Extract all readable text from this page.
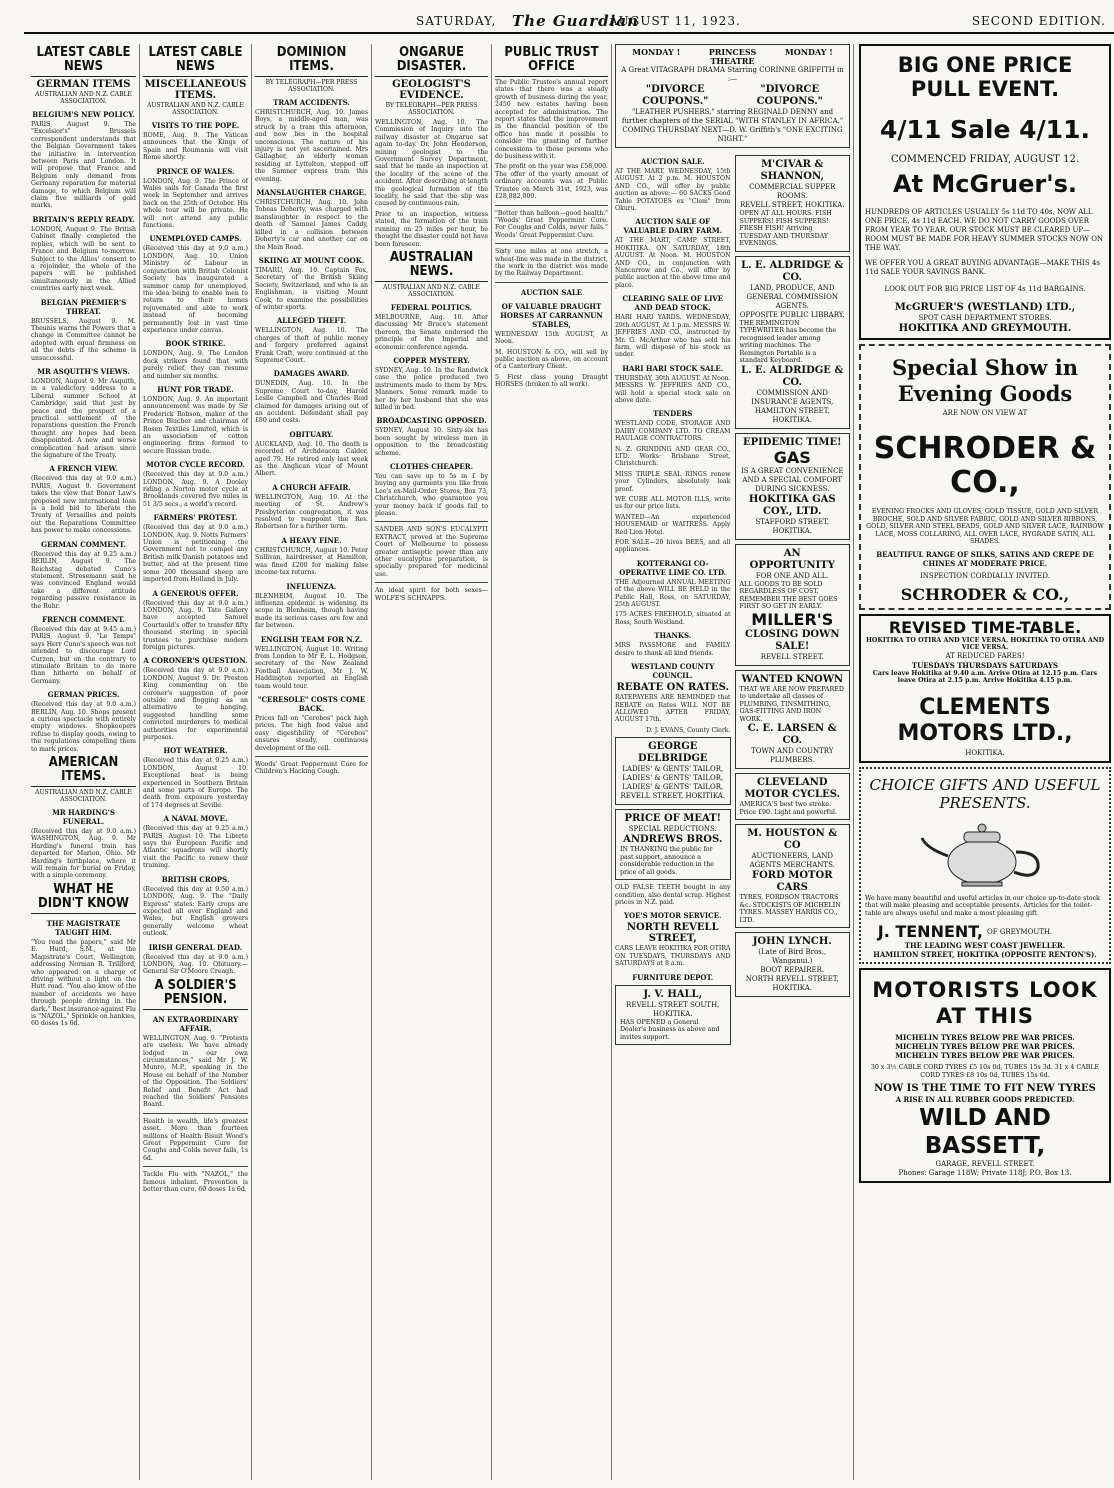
SATURDAY, The Guardian
AUGUST 11, 1923.	SECOND EDITION.
LATEST CABLE NEWS
GERMAN ITEMS
AUSTRALIAN AND N.Z. CABLE ASSOCIATION.
BELGIUM'S NEW POLICY.

PARIS, August 9. The "Excelsior's" Brussels correspondent understands that the Belgian Government takes the initiative in intervention between Paris and London. It will propose that France and Belgium only demand from Germany reparation for material damage, to which Belgium will claim five milliards of gold marks.

BRITAIN'S REPLY READY.

LONDON, August 9. The British Cabinet finally completed the replies, which will be sent to France and Belgium to-morrow. Subject to the Allies' consent to a rejoinder, the whole of the papers will be published simultaneously in the Allied countries early next week.

BELGIAN PREMIER'S THREAT.

BRUSSELS, August 9. M. Theunis warns the Powers that a change in Committee cannot be adopted with equal firmness on all the debts if the scheme is unsuccessful.

MR ASQUITH'S VIEWS.

LONDON, August 9. Mr Asquith, in a valedictory address to a Liberal summer School at Cambridge, said that just by peace and the prospect of a practical settlement of the reparations question the French thought any hopes had been disappointed. A new and worse complication had arisen since the signature of the Treaty.

A FRENCH VIEW.

(Received this day at 9.0 a.m.) PARIS, August 9. Government takes the view that Bonar Law's proposed new international loan is a bold bid to liberate the Treaty of Versailles and points out the Reparations Committee has power to make concessions.

GERMAN COMMENT.

(Received this day at 9.25 a.m.) BERLIN, August 9. The Reichstag debated Cuno's statement. Stresemann said he was convinced England would take a different attitude regarding passive resistance in the Ruhr.

FRENCH COMMENT.

(Received this day at 9.45 a.m.) PARIS, August 9. "Le Temps" says Herr Cuno's speech was not intended to discourage Lord Curzon, but on the contrary to stimulate Britain to do more than hitherto on behalf of Germany.

GERMAN PRICES.

(Received this day at 9.0 a.m.) BERLIN, Aug. 10. Shops present a curious spectacle with entirely empty windows. Shopkeepers refuse to display goods, owing to the regulations compelling them to mark prices.

AMERICAN ITEMS.
AUSTRALIAN AND N.Z. CABLE ASSOCIATION.
MR HARDING'S FUNERAL.

(Received this day at 9.0 a.m.) WASHINGTON, Aug. 9. Mr Harding's funeral train has departed for Marion, Ohio. Mr Harding's birthplace, where it will remain for burial on Friday, with a simple ceremony.

WHAT HE DIDN'T KNOW
THE MAGISTRATE TAUGHT HIM.

"You read the papers," said Mr E. Hurd, S.M., at the Magistrate's Court, Wellington, addressing Norman R. Trillford, who appeared on a charge of driving without a light on the Hutt road. "You also know of the number of accidents we have through people driving in the dark." Best insurance against Flu is "NAZOL." Sprinkle on hankies, 60 doses 1s 6d.

LATEST CABLE NEWS
MISCELLANEOUS ITEMS.
AUSTRALIAN AND N.Z. CABLE ASSOCIATION.
VISITS TO THE POPE.

ROME, Aug. 9. The Vatican announces that the Kings of Spain and Roumania will visit Rome shortly.

PRINCE OF WALES.

LONDON, Aug. 9. The Prince of Wales sails for Canada the first week in September and arrives back on the 25th of October. His whole tour will be private. He will not attend any public functions.

UNEMPLOYED CAMPS.

(Received this day at 9.0 a.m.) LONDON, Aug. 10. Union Ministry of Labour in conjunction with British Colonist Society has inaugurated a summer camp for unemployed, the idea being to enable men to return to their homes rejuvenated and able to work instead of becoming permanently lost in vast time experience under canvas.

BOOK STRIKE.

LONDON, Aug. 9. The London dock strikers found that with purely relief, they can resume and number six months.

HUNT FOR TRADE.

LONDON, Aug. 9. An important announcement was made by Sir Frederick Robson, maker of the Prince Blucher and chairman of Rosen Textiles Limited, which is an association of cotton engineering firms formed to secure Russian trade.

MOTOR CYCLE RECORD.

(Received this day at 9.0 a.m.) LONDON, Aug. 9. A Dooley riding a Norton motor cycle at Brooklands covered five miles in 51 3/5 secs., a world's record.

FARMERS' PROTEST.

(Received this day at 9.0 a.m.) LONDON, Aug. 9. Notts Farmers' Union is petitioning the Government not to compel any British milk Danish potatoes and butter, and at the present time some 200 thousand sheep are imported from Holland in July.

A GENEROUS OFFER.

(Received this day at 9.0 a.m.) LONDON, Aug. 9. Tate Gallery have accepted Samuel Courtauld's offer to transfer fifty thousand sterling in special trustees to purchase modern foreign pictures.

A CORONER'S QUESTION.

(Received this day at 9.0 a.m.) LONDON, August 9. Dr. Preston King commenting on the coroner's suggestion of poor outside and flogging as an alternative to hanging, suggested handling some convicted murderers to medical authorities for experimental purposes.

HOT WEATHER.

(Received this day at 9.25 a.m.) LONDON, August 10. Exceptional heat is being experienced in Southern Britain and some parts of Europe. The death from exposure yesterday of 174 degrees at Seville.

A NAVAL MOVE.

(Received this day at 9.25 a.m.) PARIS, August 10. The Liberte says the European Pacific and Atlantic squadrons will shortly visit the Pacific to renew their training.

BRITISH CROPS.

(Received this day at 9.50 a.m.) LONDON, Aug. 9. The "Daily Express" states: Early crops are expected all over England and Wales, but English growers generally welcome wheat outlook.

IRISH GENERAL DEAD.

(Received this day at 9.0 a.m.) LONDON, Aug. 10. Obituary.—General Sir O'Moore Creagh.

A SOLDIER'S PENSION.
AN EXTRAORDINARY AFFAIR.

WELLINGTON, Aug. 9. "Protests are useless. We have already lodged in our own circumstances," said Mr J. W. Munro, M.P., speaking in the House on behalf of the Number of the Opposition. The Soldiers' Relief and Benefit Act had reached the Soldiers' Pensions Board.

Health is wealth, life's greatest asset. More than fourteen millions of Health Bisuit Wood's Great Peppermint Cure for Coughs and Colds never fails, 1s 6d.

Tackle Flu with "NAZOL," the famous inhalant. Prevention is better than cure. 60 doses 1s 6d.

DOMINION ITEMS.
BY TELEGRAPH—PER PRESS ASSOCIATION.
TRAM ACCIDENTS.

CHRISTCHURCH, Aug. 10. James Boys, a middle-aged man, was struck by a tram this afternoon, and now lies in the hospital unconscious. The nature of his injury is not yet ascertained. Mrs Gallagher, an elderly woman residing at Lyttelton, stepped off the Sumner express tram this evening.

MANSLAUGHTER CHARGE.

CHRISTCHURCH, Aug. 10. John Tobeas Doherty, was charged with manslaughter in respect to the death of Samuel James Caddy, killed in a collision between Doherty's car and another car on the Main Road.

SKIING AT MOUNT COOK.

TIMARU, Aug. 10. Captain Fox, Secretary of the British Skiing Society, Switzerland, and who is an Englishman, is visiting Mount Cook, to examine the possibilities of winter sports.

ALLEGED THEFT.

WELLINGTON, Aug. 10. The charges of theft of public money and forgery preferred against Frank Craft, were continued at the Supreme Court.

DAMAGES AWARD.

DUNEDIN, Aug. 10. In the Supreme Court to-day, Harold Leslie Campbell and Charles Reid claimed for damages arising out of an accident. Defendant shall pay £80 and costs.

OBITUARY.

AUCKLAND, Aug. 10. The death is recorded of Archdeacon Calder, aged 79. He retired only last week as the Anglican vicar of Mount Albert.

A CHURCH AFFAIR.

WELLINGTON, Aug. 10. At the meeting of St. Andrew's Presbyterian congregation, it was resolved to reappoint the Rev. Robertson for a further term.

A HEAVY FINE.

CHRISTCHURCH, August 10. Peter Sullivan, hairdresser, at Hamilton, was fined £200 for making false income tax returns.

INFLUENZA.

BLENHEIM, August 10. The influenza epidemic is widening its scope in Blenheim, though having made its serious cases are few and far between.

ENGLISH TEAM FOR N.Z.

WELLINGTON, August 10. Writing from London to Mr E. L. Hodgson, secretary of the New Zealand Football Association, Mr J. W. Haddington reported an English team would tour.

"CERESOLE" COSTS COME BACK.

Prices fall on "Cerebos" pack high prices. The high food value and easy digestibility of "Cerebos" ensures steady, continuous development of the cell.

Woods' Great Peppermint Cure for Children's Hacking Cough.

ONGARUE DISASTER.
GEOLOGIST'S EVIDENCE.
BY TELEGRAPH—PER PRESS ASSOCIATION.

WELLINGTON, Aug. 10. The Commission of Inquiry into the railway disaster at Ongarue sat again to-day. Dr. John Henderson, mining geologist to the Government Survey Department, said that he made an inspection at the locality of the scene of the accident. After describing at length the geological formation of the locality, he said that the slip was caused by continuous rain.

Prior to an inspection, witness stated, the formation of the train running on 25 miles per hour, he thought the disaster could not have been foreseen.

AUSTRALIAN NEWS.
AUSTRALIAN AND N.Z. CABLE ASSOCIATION.
FEDERAL POLITICS.

MELBOURNE, Aug. 10. After discussing Mr Bruce's statement thereon, the Senate endorsed the principle of the Imperial and economic conference agenda.

COPPER MYSTERY.

SYDNEY, Aug. 10. In the Randwick case the police produced two instruments made to them by Mrs. Manners. Some remark made to her by her husband that she was killed in bed.

BROADCASTING OPPOSED.

SYDNEY, August 10. Sixty-six has been sought by wireless men in opposition to the broadcasting scheme.

CLOTHES CHEAPER.

You can save up to 5s in £ by buying any garments you like from Lee's ex-Mail-Order Stores, Box 73, Christchurch, who guarantee you your money back if goods fail to please.

SANDER AND SON'S EUCALYPTI EXTRACT, proved at the Supreme Court of Melbourne to possess greater antiseptic power than any other eucalyptus preparation, is specially prepared for medicinal use.

An ideal spirit for both sexes—WOLFE'S SCHNAPPS.

PUBLIC TRUST OFFICE

The Public Trustee's annual report states that there was a steady growth of business during the year, 2450 new estates having been accepted for administration. The report states that the improvement in the financial position of the office has made it possible to consider the granting of further concessions to those persons who do business with it.

The profit on the year was £58,000. The offer of the yearly amount of ordinary accounts was at Public Trustee on March 31st, 1923, was £28,882,000.

"Better than balloon—good health." "Woods' Great Peppermint Cure. For Coughs and Colds, never fails." Woods' Great Peppermint Cure.

Sixty one miles at one stretch, a wheat-line was made in the district, the work in the district was made by the Railway Department.

AUCTION SALE
OF VALUABLE DRAUGHT HORSES AT CARRANNUN STABLES,

WEDNESDAY 15th AUGUST, At Noon.

M. HOUSTON & CO., will sell by public auction as above, on account of a Canterbury Client.

5 First class young Draught HORSES (broken to all work).

MONDAY !	PRINCESS THEATRE
MONDAY !
A Great VITAGRAPH DRAMA Starring CORINNE GRIFFITH in :—
"DIVORCE COUPONS."
"DIVORCE COUPONS."
"LEATHER PUSHERS," starring REGINALD DENNY and further chapters of the SERIAL "WITH STANLEY IN AFRICA."
COMING THURSDAY NEXT—D. W. Griffith's "ONE EXCITING NIGHT."
AUCTION SALE.

AT THE MART. WEDNESDAY, 15th AUGUST. At 2 p.m. M. HOUSTON AND CO., will offer by public auction as above:— 60 SACKS Good Table POTATOES ex "Clem" from Okuru.

AUCTION SALE OF VALUABLE DAIRY FARM.

AT THE MART, CAMP STREET, HOKITIKA. ON SATURDAY, 18th AUGUST. At Noon. M. HOUSTON AND CO., in conjunction with Nancarrow and Co., will offer by public auction at the above time and place.

CLEARING SALE OF LIVE AND DEAD STOCK.

HARI HARI YARDS. WEDNESDAY, 29th AUGUST, At 1 p.m. MESSRS W. JEFFRIES AND CO., instructed by Mr. G. McArthur who has sold his farm, will dispose of his stock as under.

HARI HARI STOCK SALE.

THURSDAY, 30th AUGUST. At Noon. MESSRS W. JEFFRIES AND CO., will hold a special stock sale on above date.

TENDERS

WESTLAND CODE, STORAGE AND DAIRY COMPANY LTD. TO CREAM HAULAGE CONTRACTORS.

N. Z. GRINDING AND GEAR CO., LTD. Works: Brisbane Street, Christchurch.

MISS TRIPLE SEAL RINGS renew your Cylinders, absolutely leak proof.

WE CURE ALL MOTOR ILLS, write us for our price lists.

WANTED—An experienced HOUSEMAID or WAITRESS. Apply Red Lion Hotel.

FOR SALE—20 hives BEES, and all appliances.

KOTTERANGI CO-OPERATIVE LIME CO. LTD.

THE Adjourned ANNUAL MEETING of the above WILL BE HELD in the Public Hall, Ross, on SATURDAY, 25th AUGUST.

175 ACRES FREEHOLD, situated at Ross, South Westland.

THANKS.

MRS PASSMORE and FAMILY desire to thank all kind friends.

WESTLAND COUNTY COUNCIL.
REBATE ON RATES.

RATEPAYERS ARE REMINDED that REBATE on Rates WILL NOT BE ALLOWED AFTER FRIDAY, AUGUST 17th.

D. J. EVANS, County Clerk.

GEORGE DELBRIDGE
LADIES' & GENTS' TAILOR,
LADIES' & GENTS' TAILOR,
LADIES' & GENTS' TAILOR,
REVELL STREET, HOKITIKA.
PRICE OF MEAT!
SPECIAL REDUCTIONS.
ANDREWS BROS.
IN THANKING the public for past support, announce a considerable reduction in the price of all goods.

OLD FALSE TEETH bought in any condition, also dental scrap. Highest prices in N.Z. paid.

YOE'S MOTOR SERVICE.
NORTH REVELL STREET,

CARS LEAVE HOKITIKA FOR OTIRA ON TUESDAYS, THURSDAYS AND SATURDAYS at 8 a.m.

FURNITURE DEPOT.
J. V. HALL,
REVELL STREET SOUTH, HOKITIKA.
HAS OPENED a General Dealer's business as above and invites support.
M'CIVAR & SHANNON,
COMMERCIAL SUPPER ROOMS.
REVELL STREET, HOKITIKA.
OPEN AT ALL HOURS. FISH SUPPERS! FISH SUPPERS! FRESH FISH! Arriving TUESDAY AND THURSDAY EVENINGS.
L. E. ALDRIDGE & CO.
LAND, PRODUCE, AND GENERAL COMMISSION AGENTS.
OPPOSITE PUBLIC LIBRARY.
THE REMINGTON TYPEWRITER has become the recognised leader among writing machines. The Remington Portable is a standard Keyboard.
L. E. ALDRIDGE & CO.
COMMISSION AND INSURANCE AGENTS,
HAMILTON STREET, HOKITIKA.
EPIDEMIC TIME!
GAS
IS A GREAT CONVENIENCE AND A SPECIAL COMFORT DURING SICKNESS.
HOKITIKA GAS COY., LTD.
STAFFORD STREET, HOKITIKA.
AN OPPORTUNITY
FOR ONE AND ALL.
ALL GOODS TO BE SOLD REGARDLESS OF COST. REMEMBER THE BEST GOES FIRST SO GET IN EARLY.
MILLER'S
CLOSING DOWN SALE!
REVELL STREET.
WANTED KNOWN
THAT WE ARE NOW PREPARED to undertake all classes of PLUMBING, TINSMITHING, GAS-FITTING AND IRON WORK.
C. E. LARSEN & CO.
TOWN AND COUNTRY PLUMBERS.
CLEVELAND MOTOR CYCLES.
AMERICA'S best two stroke. Price £90. Light and powerful.
M. HOUSTON & CO
AUCTIONEERS, LAND AGENTS MERCHANTS.
FORD MOTOR CARS
TYRES, FORDSON TRACTORS &c. STOCKISTS OF MICHELIN TYRES. MASSEY HARRIS CO., LTD.
JOHN LYNCH.
(Late of Bird Bros., Wanganui.)
BOOT REPAIRER.
NORTH REVELL STREET, HOKITIKA.
BIG ONE PRICE PULL EVENT.
4/11 Sale 4/11.
COMMENCED FRIDAY, AUGUST 12.
At McGruer's.
HUNDREDS OF ARTICLES USUALLY 5s 11d TO 40s, NOW ALL ONE PRICE, 4s 11d EACH. WE DO NOT CARRY GOODS OVER FROM YEAR TO YEAR. OUR STOCK MUST BE CLEARED UP—ROOM MUST BE MADE FOR HEAVY SUMMER STOCKS NOW ON THE WAY.
WE OFFER YOU A GREAT BUYING ADVANTAGE—MAKE THIS 4s 11d SALE YOUR SAVINGS BANK.
LOOK OUT FOR BIG PRICE LIST OF 4s 11d BARGAINS.
McGRUER'S (WESTLAND) LTD.,
SPOT CASH DEPARTMENT STORES.
HOKITIKA AND GREYMOUTH.
Special Show in Evening Goods
ARE NOW ON VIEW AT
SCHRODER & CO.,
EVENING FROCKS AND GLOVES, GOLD TISSUE, GOLD AND SILVER BROCHE, SOLD AND SILVER FABRIC, GOLD AND SILVER RIBBONS, GOLD, SILVER AND STEEL BEADS, GOLD AND SILVER LACE, RAINBOW LACE, MOSS COLLARING, ALL OVER LACE, HYGRADE SATIN, ALL SHADES.
BEAUTIFUL RANGE OF SILKS, SATINS AND CREPE DE CHINES AT MODERATE PRICE.
INSPECTION CORDIALLY INVITED.
SCHRODER & CO.,
REVISED TIME-TABLE.
HOKITIKA TO OTIRA AND VICE VERSA. HOKITIKA TO OTIRA AND VICE VERSA.
AT REDUCED FARES!
TUESDAYS THURSDAYS SATURDAYS
Cars leave Hokitika at 9.40 a.m. Arrive Otira at 12.15 p.m. Cars leave Otira at 2.15 p.m. Arrive Hokitika 4.15 p.m.
CLEMENTS MOTORS LTD.,
HOKITIKA.
CHOICE GIFTS AND USEFUL PRESENTS.
We have many beautiful and useful articles in our choice up-to-date stock that will make pleasing and acceptable presents. Articles for the toilet-table are always useful and make a most pleasing gift.
J. TENNENT, OF GREYMOUTH.
THE LEADING WEST COAST JEWELLER.
HAMILTON STREET, HOKITIKA (OPPOSITE RENTON'S).
MOTORISTS LOOK AT THIS
MICHELIN TYRES BELOW PRE WAR PRICES.
MICHELIN TYRES BELOW PRE WAR PRICES.
MICHELIN TYRES BELOW PRE WAR PRICES.
30 x 3½ CABLE CORD TYRES £5 10s 0d, TUBES 15s 3d. 31 x 4 CABLE CORD TYRES £8 10s 0d, TUBES 15s 6d.
NOW IS THE TIME TO FIT NEW TYRES
A RISE IN ALL RUBBER GOODS PREDICTED.
WILD AND BASSETT,
GARAGE, REVELL STREET.
Phones: Garage 118W; Private 118J; P.O. Box 13.
